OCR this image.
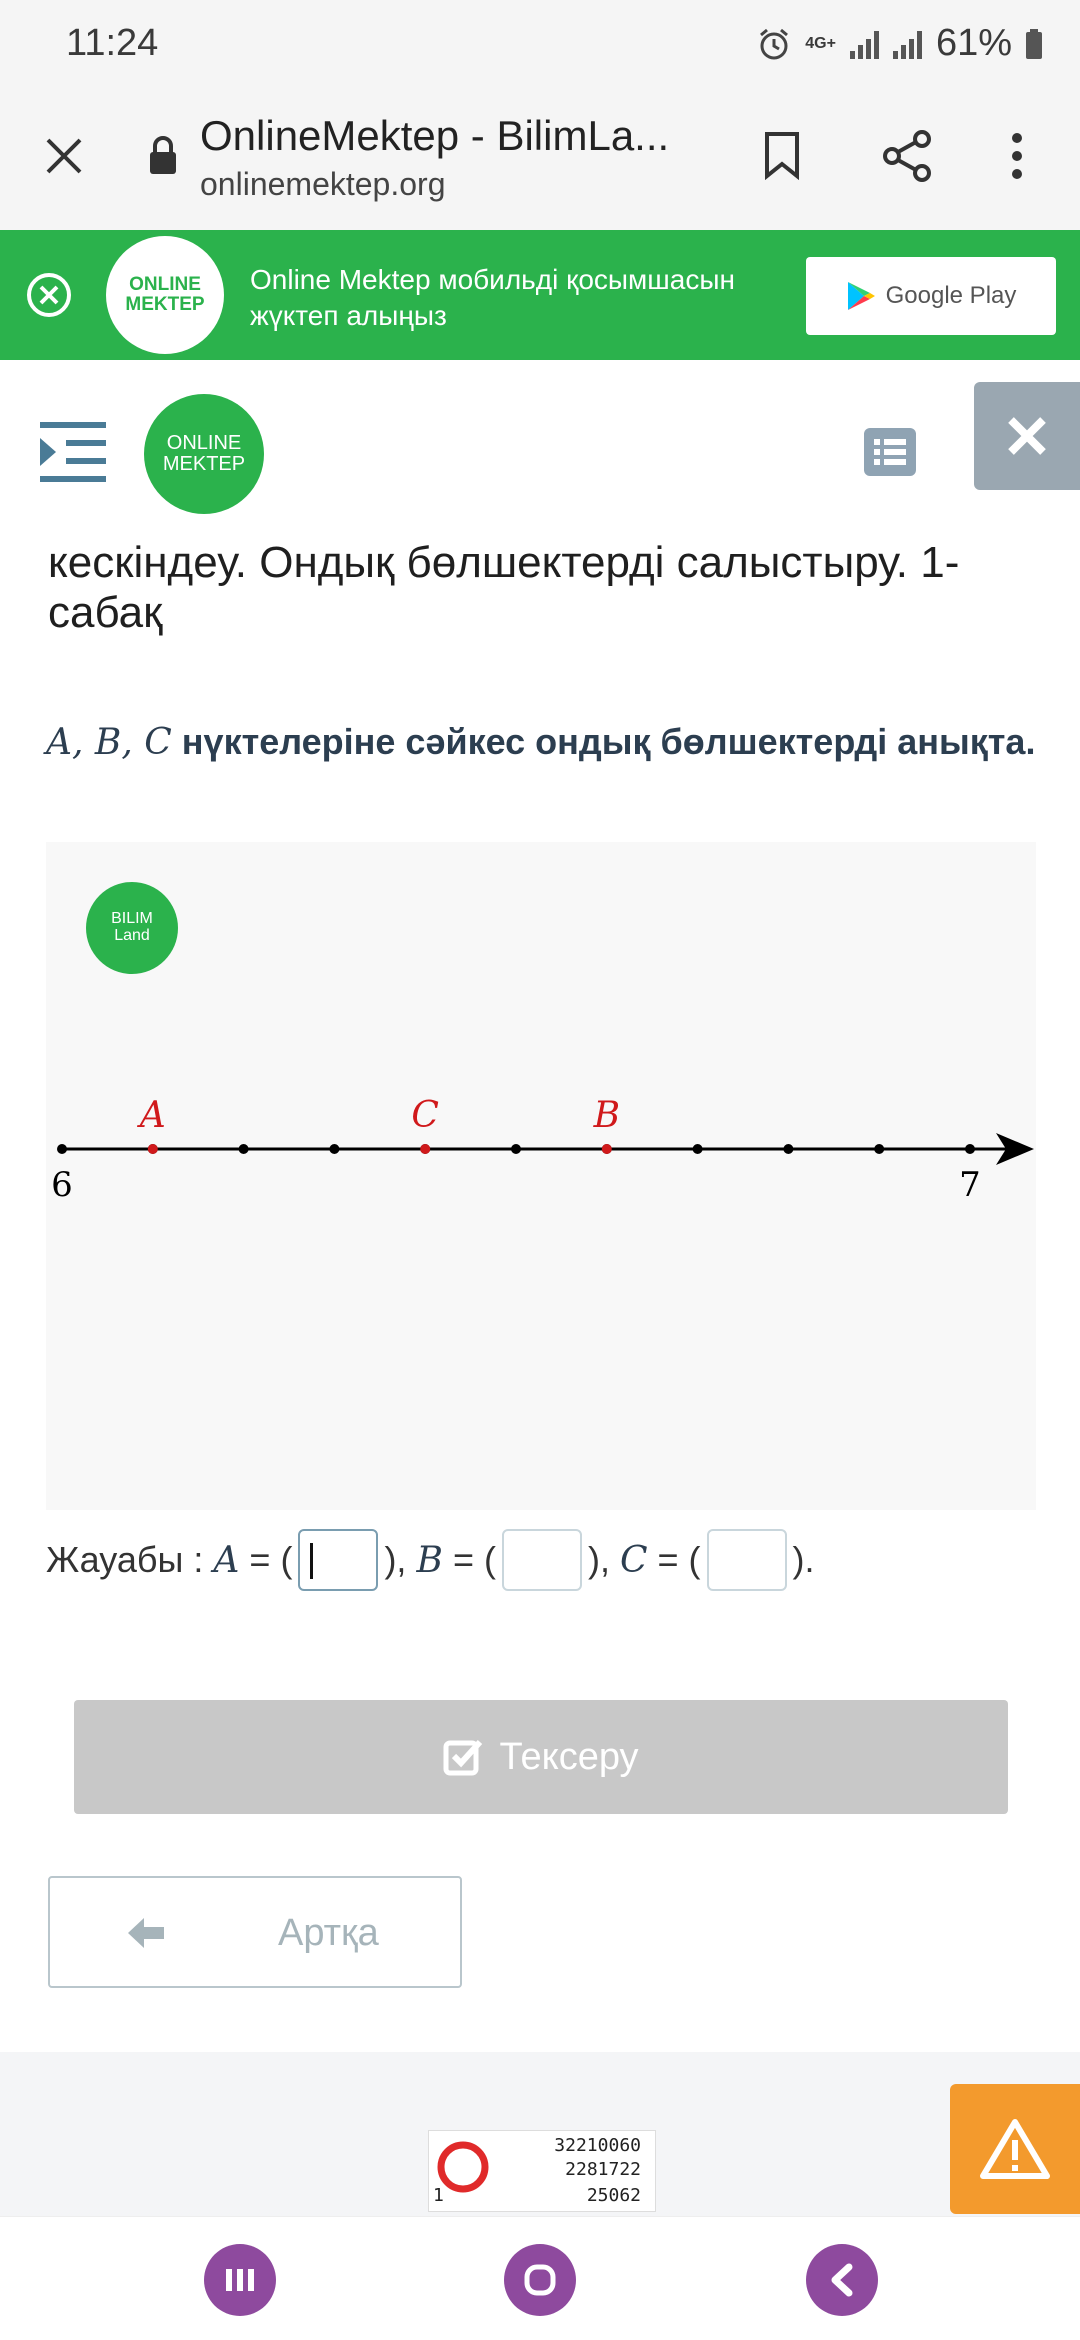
11:24	4G+	61%
OnlineMektep - BilimLa...
onlinemektep.org
ONLINE
MEKTEP
Online Mektep мобильді қосымшасын жүктеп алыңыз
Google Play
ONLINE
MEKTEP
кескіндеу. Ондық бөлшектерді салыстыру. 1-сабақ
A, B, C нүктелеріне сәйкес ондық бөлшектерді анықта.
BILIM
Land
A	C	B
6	7
Жауабы :
A
= (	),
B
= (	),
C
= (	).
Тексеру
Артқа
32210060
2281722
1	25062
